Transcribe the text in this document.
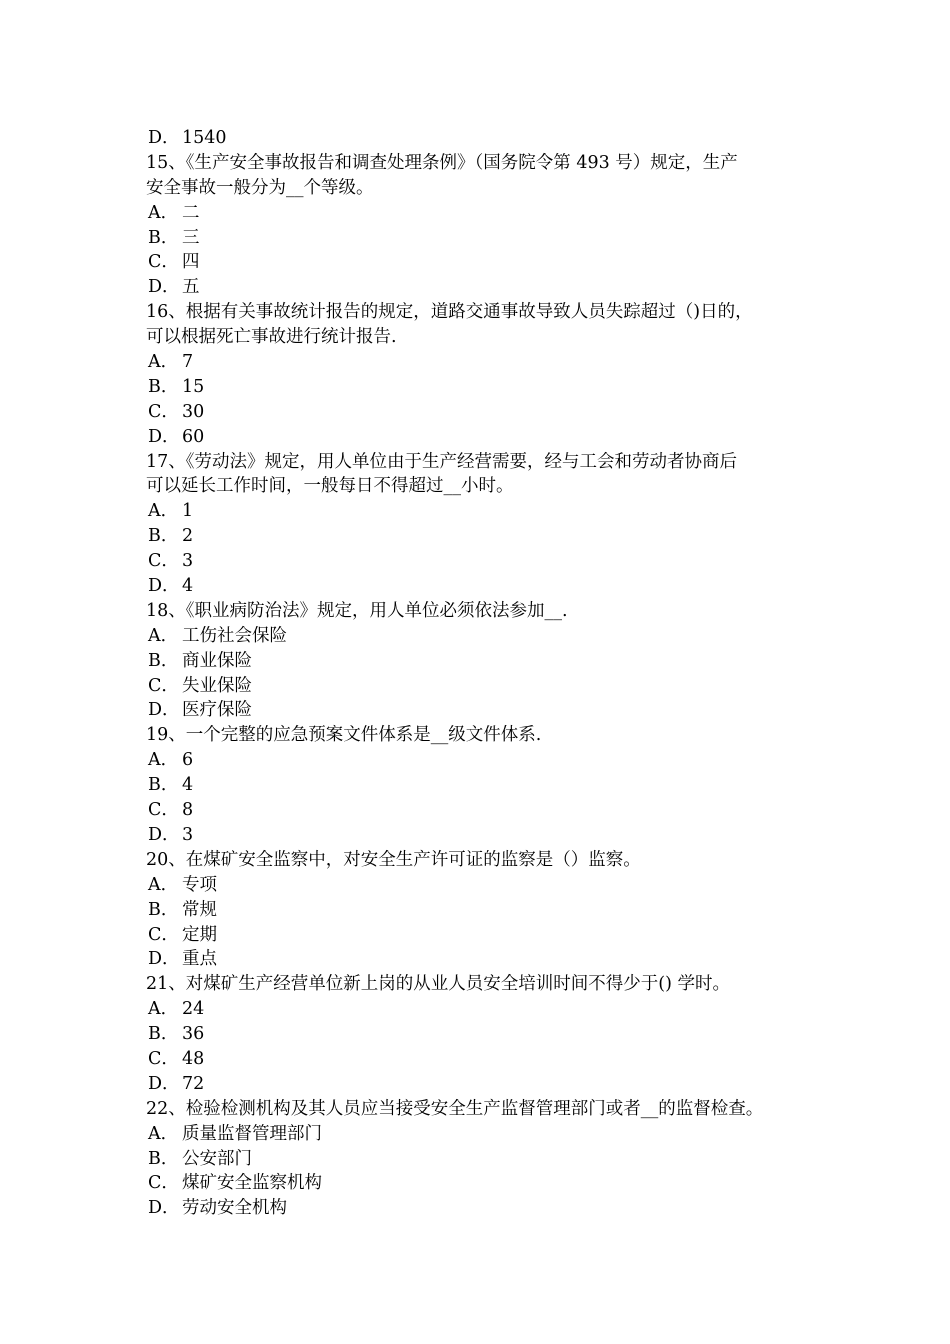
D． 1540
15、《生产安全事故报告和调查处理条例》（国务院令第 493 号）规定，生产
安全事故一般分为__个等级。
A． 二
B． 三
C． 四
D． 五
16、根据有关事故统计报告的规定，道路交通事故导致人员失踪超过（)日的，
可以根据死亡事故进行统计报告.
A． 7
B． 15
C． 30
D． 60
17、《劳动法》规定，用人单位由于生产经营需要，经与工会和劳动者协商后
可以延长工作时间，一般每日不得超过__小时。
A． 1
B． 2
C． 3
D． 4
18、《职业病防治法》规定，用人单位必须依法参加__.
A． 工伤社会保险
B． 商业保险
C． 失业保险
D． 医疗保险
19、一个完整的应急预案文件体系是__级文件体系.
A． 6
B． 4
C． 8
D． 3
20、在煤矿安全监察中，对安全生产许可证的监察是（）监察。
A． 专项
B． 常规
C． 定期
D． 重点
21、对煤矿生产经营单位新上岗的从业人员安全培训时间不得少于() 学时。
A． 24
B． 36
C． 48
D． 72
22、检验检测机构及其人员应当接受安全生产监督管理部门或者__的监督检查。
A． 质量监督管理部门
B． 公安部门
C． 煤矿安全监察机构
D． 劳动安全机构
